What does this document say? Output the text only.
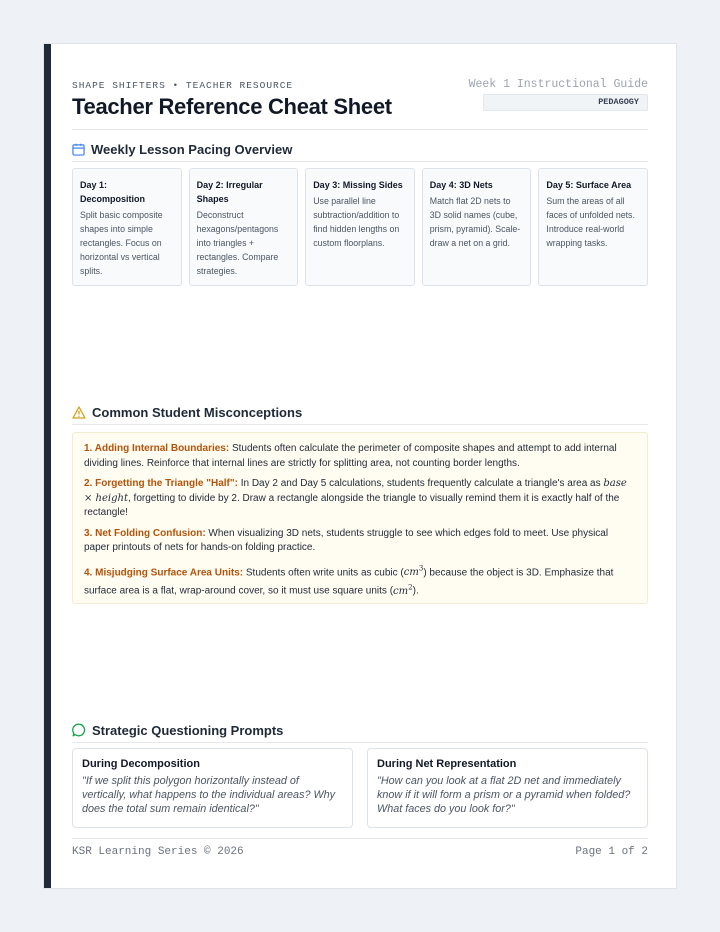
SHAPE SHIFTERS • TEACHER RESOURCE
Teacher Reference Cheat Sheet
Week 1 Instructional Guide
PEDAGOGY
Weekly Lesson Pacing Overview
Day 1: Decomposition
Split basic composite shapes into simple rectangles. Focus on horizontal vs vertical splits.
Day 2: Irregular Shapes
Deconstruct hexagons/pentagons into triangles + rectangles. Compare strategies.
Day 3: Missing Sides
Use parallel line subtraction/addition to find hidden lengths on custom floorplans.
Day 4: 3D Nets
Match flat 2D nets to 3D solid names (cube, prism, pyramid). Scale-draw a net on a grid.
Day 5: Surface Area
Sum the areas of all faces of unfolded nets. Introduce real-world wrapping tasks.
Common Student Misconceptions

1. Adding Internal Boundaries: Students often calculate the perimeter of composite shapes and attempt to add internal dividing lines. Reinforce that internal lines are strictly for splitting area, not counting border lengths.

2. Forgetting the Triangle "Half": In Day 2 and Day 5 calculations, students frequently calculate a triangle's area as base × height, forgetting to divide by 2. Draw a rectangle alongside the triangle to visually remind them it is exactly half of the rectangle!

3. Net Folding Confusion: When visualizing 3D nets, students struggle to see which edges fold to meet. Use physical paper printouts of nets for hands-on folding practice.

4. Misjudging Surface Area Units: Students often write units as cubic $(cm^3)$ because the object is 3D. Emphasize that surface area is a flat, wrap-around cover, so it must use square units $(cm^2)$.

Strategic Questioning Prompts
During Decomposition
"If we split this polygon horizontally instead of vertically, what happens to the individual areas? Why does the total sum remain identical?"
During Net Representation
"How can you look at a flat 2D net and immediately know if it will form a prism or a pyramid when folded? What faces do you look for?"
KSR Learning Series © 2026	Page 1 of 2
